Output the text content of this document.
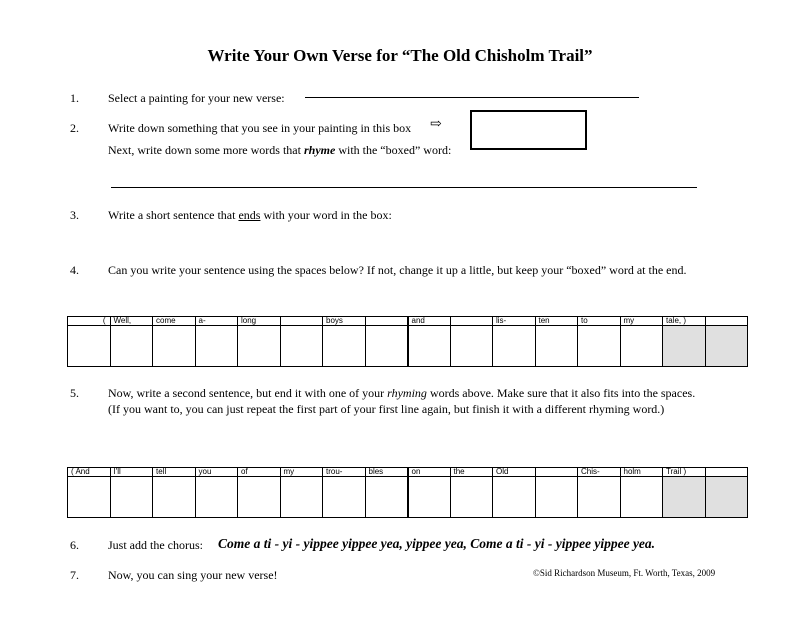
Write Your Own Verse for “The Old Chisholm Trail”
1. Select a painting for your new verse:
2. Write down something that you see in your painting in this box ⇨
Next, write down some more words that rhyme with the “boxed” word:
3. Write a short sentence that ends with your word in the box:
4. Can you write your sentence using the spaces below? If not, change it up a little, but keep your “boxed” word at the end.
(	Well,	come	a-	long		boys		and		lis-	ten	to	my	tale, )	

5. Now, write a second sentence, but end it with one of your rhyming words above. Make sure that it also fits into the spaces.
(If you want to, you can just repeat the first part of your first line again, but finish it with a different rhyming word.)
( And	I'll	tell	you	of	my	trou-	bles	on	the	Old		Chis-	holm	Trail )	

6. Just add the chorus: Come a ti - yi - yippee yippee yea, yippee yea, Come a ti - yi - yippee yippee yea.
7. Now, you can sing your new verse!	©Sid Richardson Museum, Ft. Worth, Texas, 2009
